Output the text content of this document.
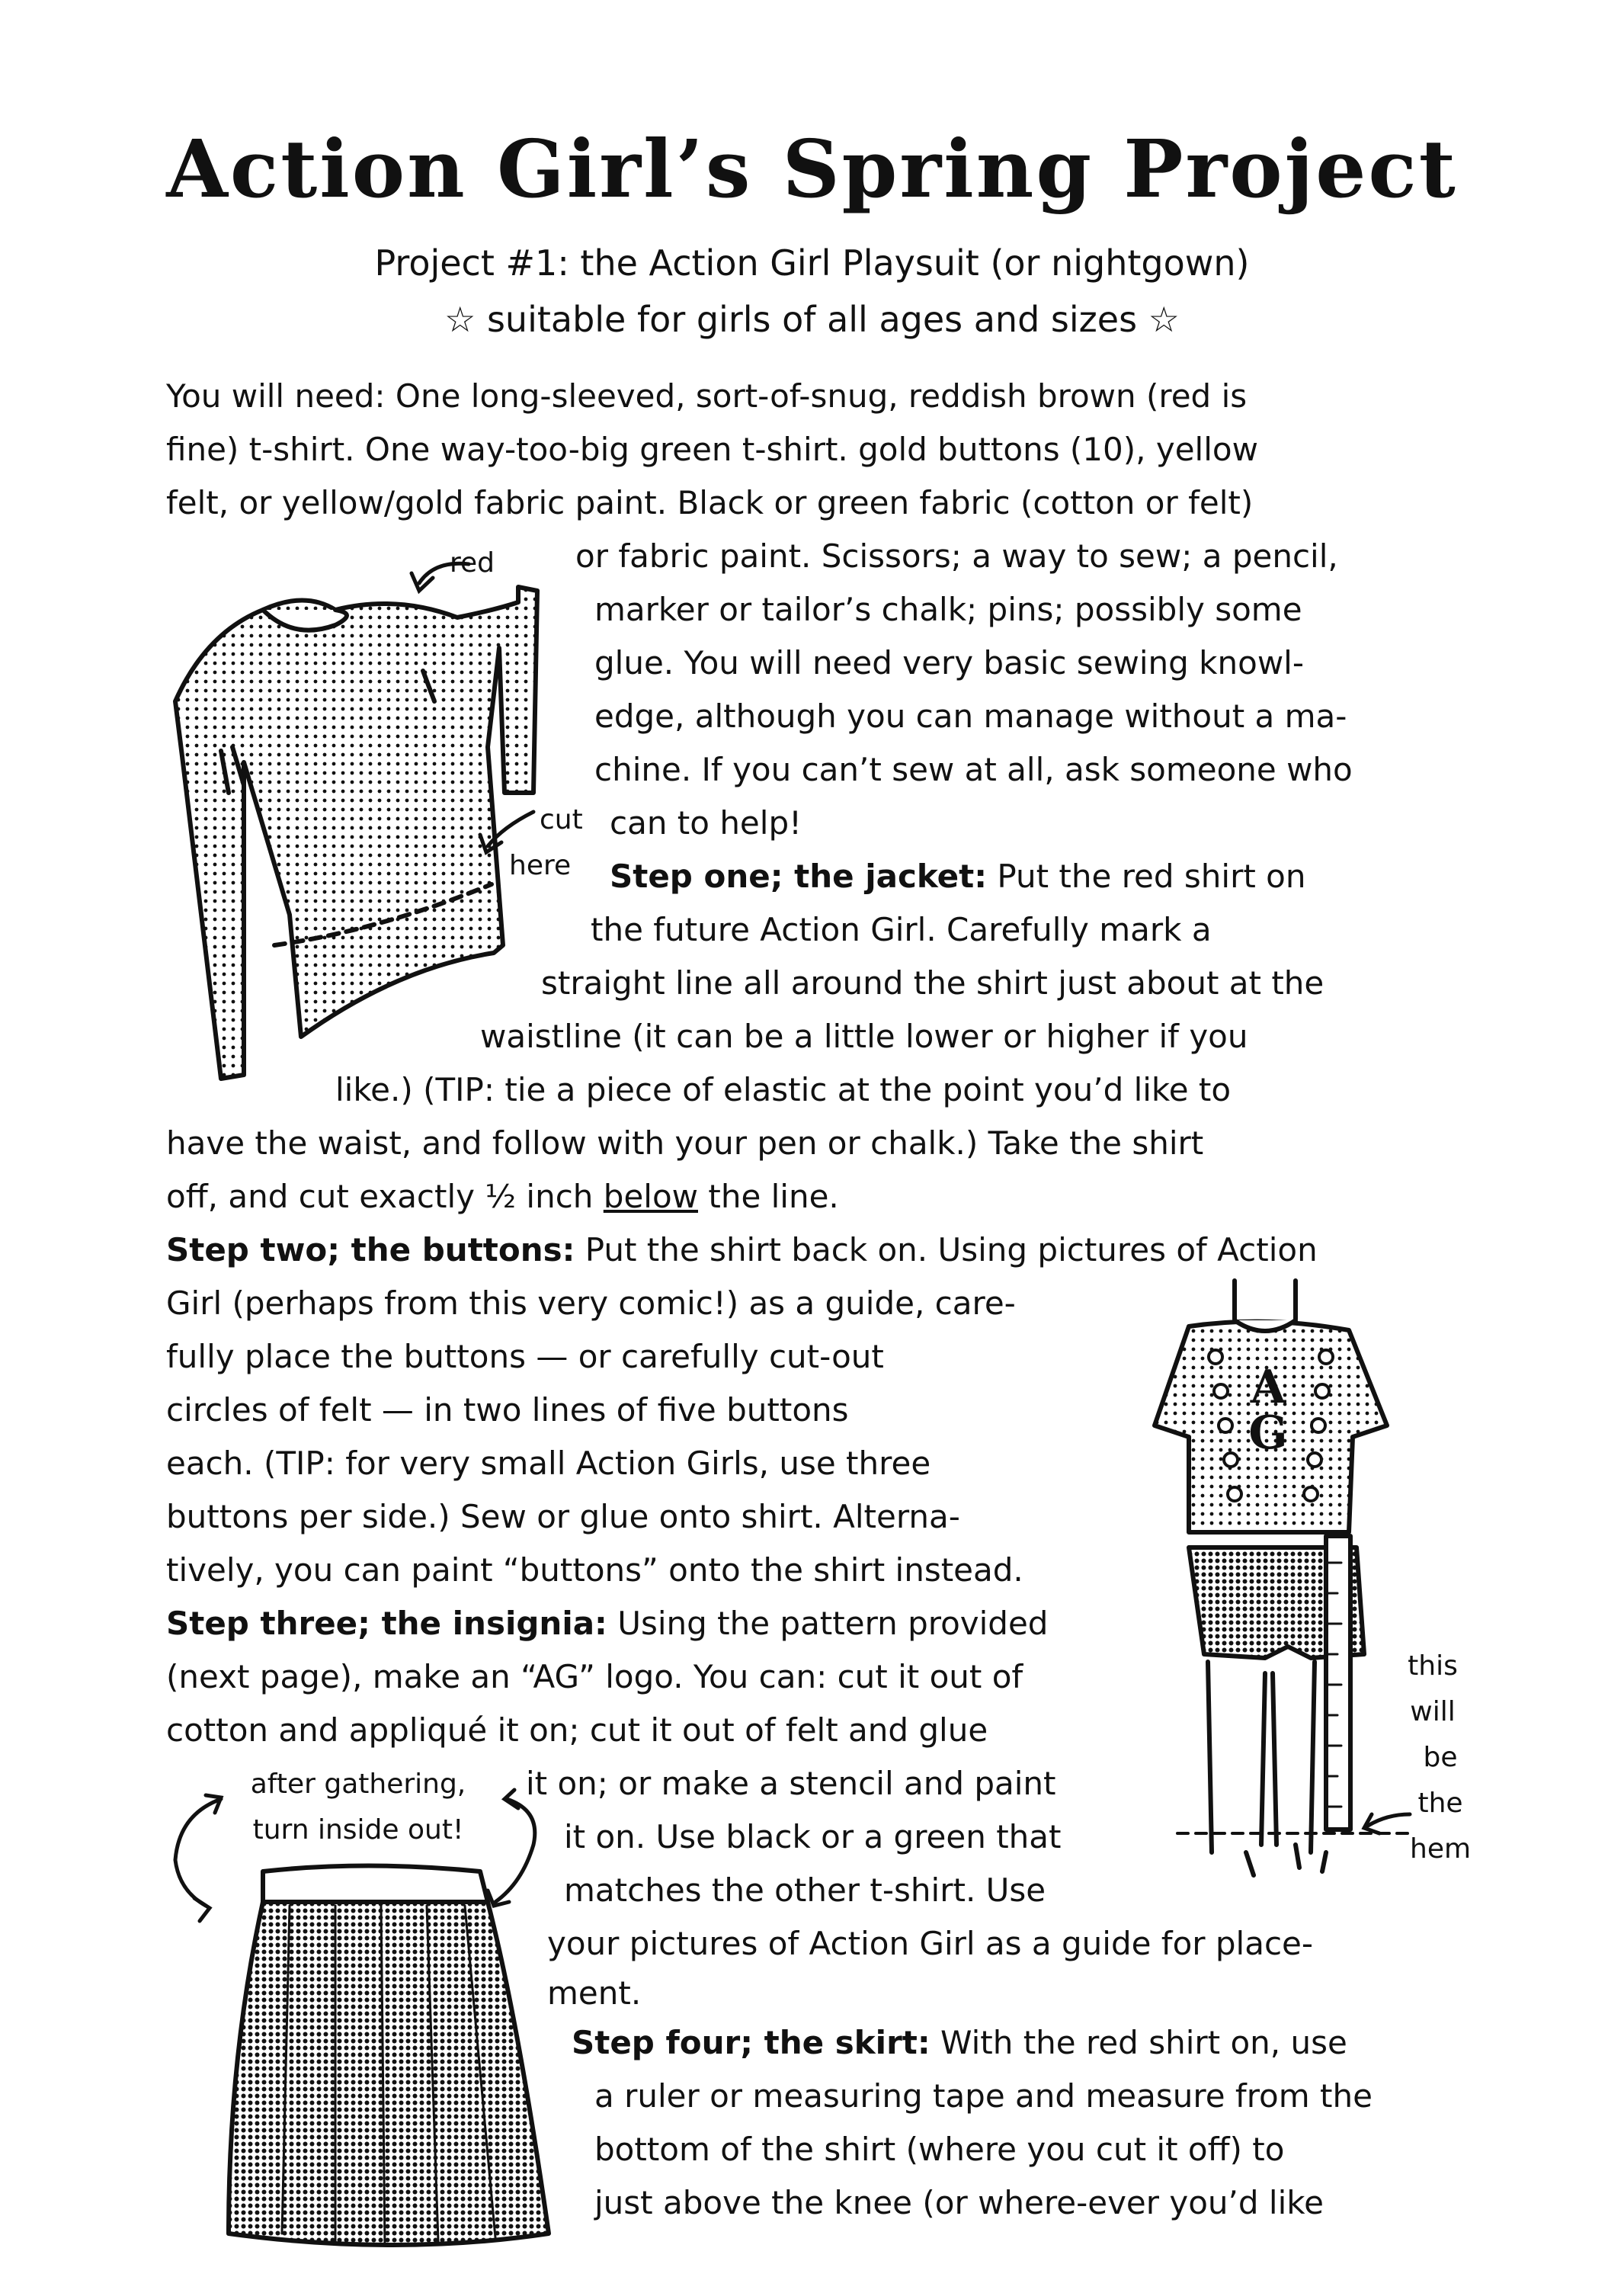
AG
Action Girl’s Spring Project
Project #1: the Action Girl Playsuit (or nightgown)
☆ suitable for girls of all ages and sizes ☆
You will need: One long-sleeved, sort-of-snug, reddish brown (red is
fine) t-shirt. One way-too-big green t-shirt. gold buttons (10), yellow
felt, or yellow/gold fabric paint. Black or green fabric (cotton or felt)
or fabric paint. Scissors; a way to sew; a pencil,
marker or tailor’s chalk; pins; possibly some
glue. You will need very basic sewing knowl-
edge, although you can manage without a ma-
chine. If you can’t sew at all, ask someone who
can to help!
red
cut
here Step one; the jacket: Put the red shirt on
the future Action Girl. Carefully mark a
straight line all around the shirt just about at the
waistline (it can be a little lower or higher if you
like.) (TIP: tie a piece of elastic at the point you’d like to
have the waist, and follow with your pen or chalk.) Take the shirt
off, and cut exactly ½ inch below the line.
Step two; the buttons: Put the shirt back on. Using pictures of Action
Girl (perhaps from this very comic!) as a guide, care-
fully place the buttons — or carefully cut-out
circles of felt — in two lines of five buttons
each. (TIP: for very small Action Girls, use three
buttons per side.) Sew or glue onto shirt. Alterna-
tively, you can paint “buttons” onto the shirt instead.
Step three; the insignia: Using the pattern provided
(next page), make an “AG” logo. You can: cut it out of
cotton and appliqué it on; cut it out of felt and glue
it on; or make a stencil and paint
it on. Use black or a green that
matches the other t-shirt. Use
your pictures of Action Girl as a guide for place-
ment.
this
will
be
the
hem
after gathering,
turn inside out!
Step four; the skirt: With the red shirt on, use
a ruler or measuring tape and measure from the
bottom of the shirt (where you cut it off) to
just above the knee (or where-ever you’d like
